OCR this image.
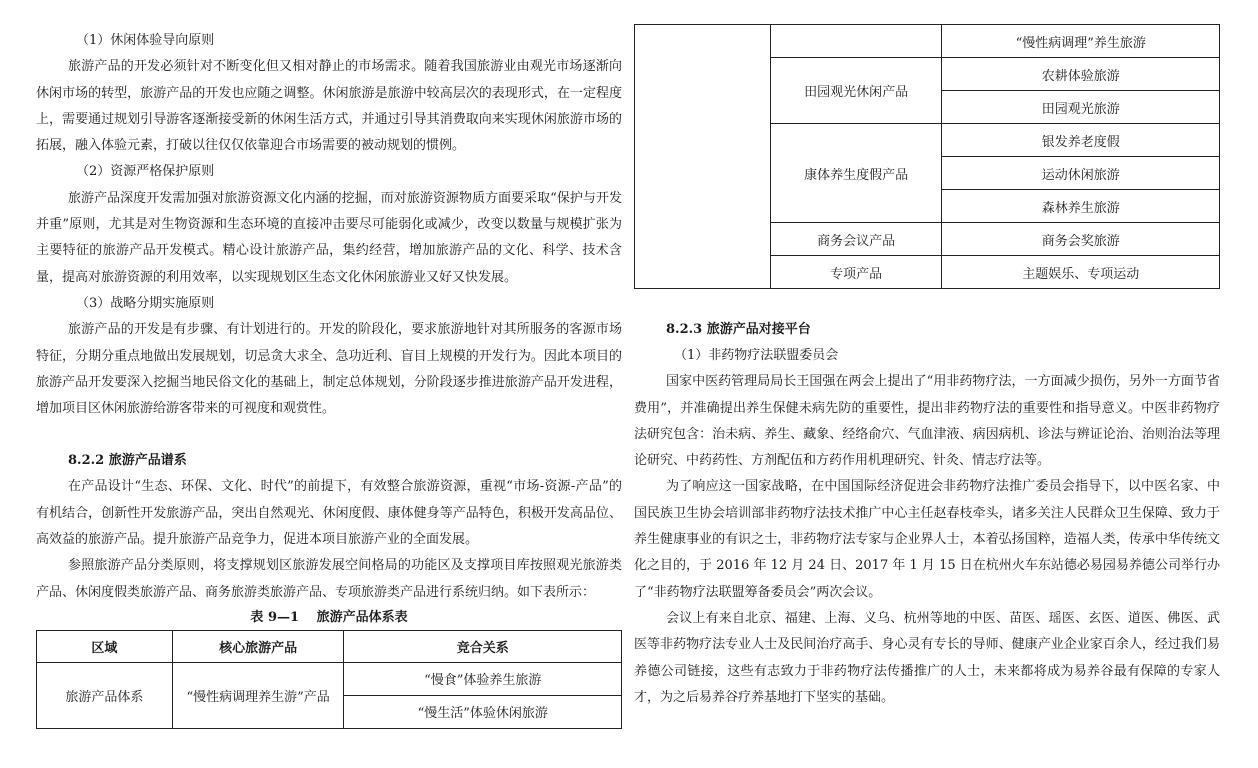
（1）休闲体验导向原则

旅游产品的开发必须针对不断变化但又相对静止的市场需求。随着我国旅游业由观光市场逐渐向休闲市场的转型，旅游产品的开发也应随之调整。休闲旅游是旅游中较高层次的表现形式，在一定程度上，需要通过规划引导游客逐渐接受新的休闲生活方式，并通过引导其消费取向来实现休闲旅游市场的拓展，融入体验元素，打破以往仅仅依靠迎合市场需要的被动规划的惯例。

（2）资源严格保护原则

旅游产品深度开发需加强对旅游资源文化内涵的挖掘，而对旅游资源物质方面要采取“保护与开发并重”原则，尤其是对生物资源和生态环境的直接冲击要尽可能弱化或减少，改变以数量与规模扩张为主要特征的旅游产品开发模式。精心设计旅游产品，集约经营，增加旅游产品的文化、科学、技术含量，提高对旅游资源的利用效率，以实现规划区生态文化休闲旅游业又好又快发展。

（3）战略分期实施原则

旅游产品的开发是有步骤、有计划进行的。开发的阶段化，要求旅游地针对其所服务的客源市场特征，分期分重点地做出发展规划，切忌贪大求全、急功近利、盲目上规模的开发行为。因此本项目的旅游产品开发要深入挖掘当地民俗文化的基础上，制定总体规划，分阶段逐步推进旅游产品开发进程，增加项目区休闲旅游给游客带来的可视度和观赏性。

8.2.2 旅游产品谱系

在产品设计“生态、环保、文化、时代”的前提下，有效整合旅游资源，重视“市场-资源-产品”的有机结合，创新性开发旅游产品，突出自然观光、休闲度假、康体健身等产品特色，积极开发高品位、高效益的旅游产品。提升旅游产品竞争力，促进本项目旅游产业的全面发展。

参照旅游产品分类原则，将支撑规划区旅游发展空间格局的功能区及支撑项目库按照观光旅游类产品、休闲度假类旅游产品、商务旅游类旅游产品、专项旅游类产品进行系统归纳。如下表所示：

表 9—1　 旅游产品体系表

区域	核心旅游产品	竞合关系
旅游产品体系	“慢性病调理养生游”产品	“慢食”体验养生旅游
		“慢生活”体验休闲旅游
		“慢性病调理”养生旅游
	田园观光休闲产品	农耕体验旅游
		田园观光旅游
	康体养生度假产品	银发养老度假
		运动休闲旅游
		森林养生旅游
	商务会议产品	商务会奖旅游
	专项产品	主题娱乐、专项运动

8.2.3 旅游产品对接平台

（1）非药物疗法联盟委员会

国家中医药管理局局长王国强在两会上提出了“用非药物疗法，一方面减少损伤，另外一方面节省费用”，并准确提出养生保健未病先防的重要性，提出非药物疗法的重要性和指导意义。中医非药物疗法研究包含：治未病、养生、藏象、经络俞穴、气血津液、病因病机、诊法与辨证论治、治则治法等理论研究、中药药性、方剂配伍和方药作用机理研究、针灸、情志疗法等。

为了响应这一国家战略，在中国国际经济促进会非药物疗法推广委员会指导下，以中医名家、中国民族卫生协会培训部非药物疗法技术推广中心主任赵春枝牵头，诸多关注人民群众卫生保障、致力于养生健康事业的有识之士，非药物疗法专家与企业界人士，本着弘扬国粹，造福人类，传承中华传统文化之目的，于 2016 年 12 月 24 日、2017 年 1 月 15 日在杭州火车东站德必易园易养德公司举行办了“非药物疗法联盟筹备委员会”两次会议。

会议上有来自北京、福建、上海、义乌、杭州等地的中医、苗医、瑶医、玄医、道医、佛医、武医等非药物疗法专业人士及民间治疗高手、身心灵有专长的导师、健康产业企业家百余人，经过我们易养德公司链接，这些有志致力于非药物疗法传播推广的人士，未来都将成为易养谷最有保障的专家人才，为之后易养谷疗养基地打下坚实的基础。
